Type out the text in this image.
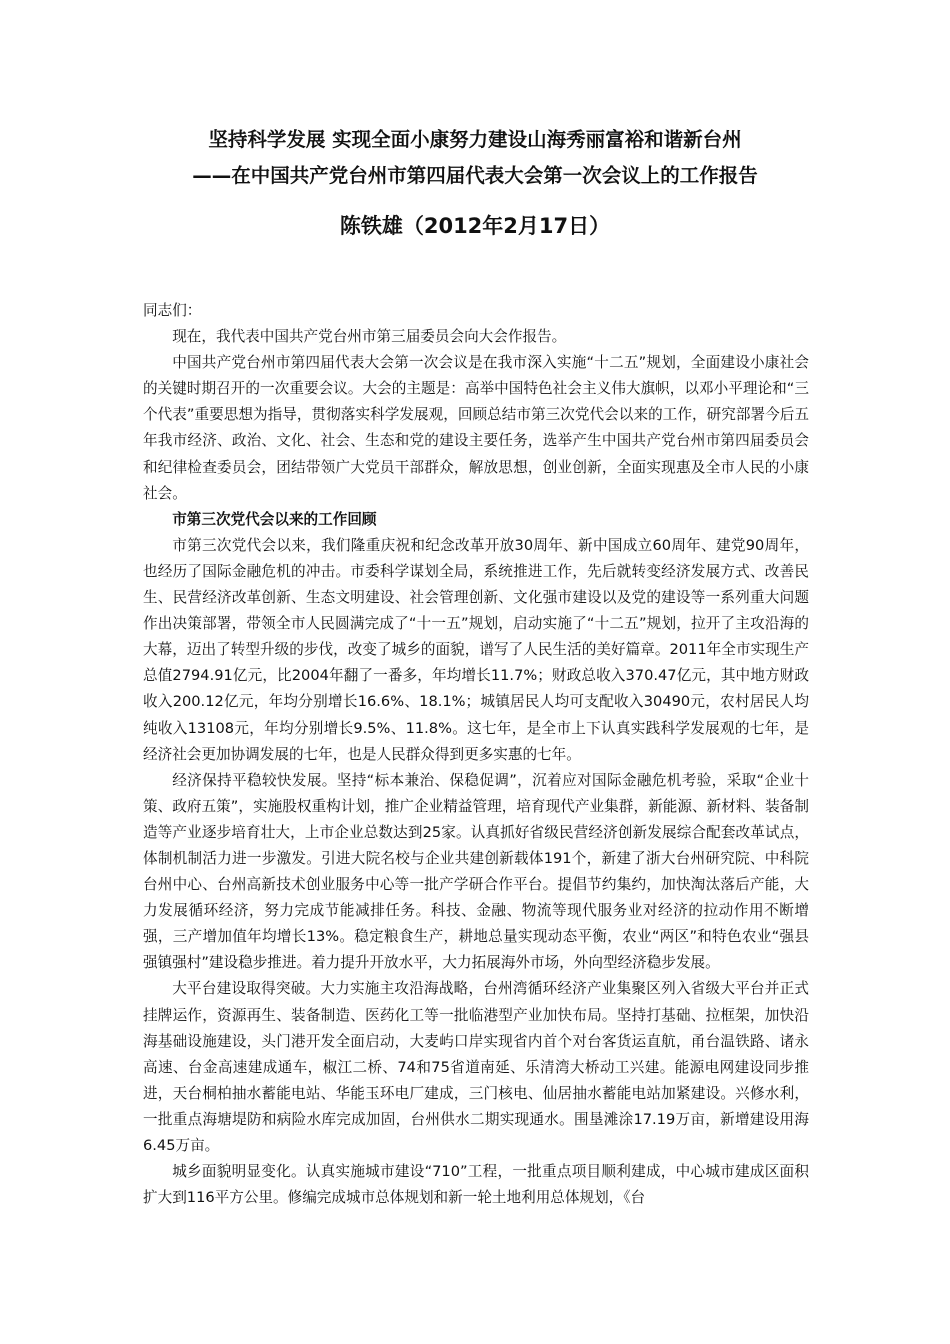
坚持科学发展 实现全面小康努力建设山海秀丽富裕和谐新台州
——在中国共产党台州市第四届代表大会第一次会议上的工作报告
陈铁雄（2012年2月17日）

同志们：

现在，我代表中国共产党台州市第三届委员会向大会作报告。

中国共产党台州市第四届代表大会第一次会议是在我市深入实施“十二五”规划，全面建设小康社会的关键时期召开的一次重要会议。大会的主题是：高举中国特色社会主义伟大旗帜，以邓小平理论和“三个代表”重要思想为指导，贯彻落实科学发展观，回顾总结市第三次党代会以来的工作，研究部署今后五年我市经济、政治、文化、社会、生态和党的建设主要任务，选举产生中国共产党台州市第四届委员会和纪律检查委员会，团结带领广大党员干部群众，解放思想，创业创新，全面实现惠及全市人民的小康社会。

市第三次党代会以来的工作回顾

市第三次党代会以来，我们隆重庆祝和纪念改革开放30周年、新中国成立60周年、建党90周年，也经历了国际金融危机的冲击。市委科学谋划全局，系统推进工作，先后就转变经济发展方式、改善民生、民营经济改革创新、生态文明建设、社会管理创新、文化强市建设以及党的建设等一系列重大问题作出决策部署，带领全市人民圆满完成了“十一五”规划，启动实施了“十二五”规划，拉开了主攻沿海的大幕，迈出了转型升级的步伐，改变了城乡的面貌，谱写了人民生活的美好篇章。2011年全市实现生产总值2794.91亿元，比2004年翻了一番多，年均增长11.7%；财政总收入370.47亿元，其中地方财政收入200.12亿元，年均分别增长16.6%、18.1%；城镇居民人均可支配收入30490元，农村居民人均纯收入13108元，年均分别增长9.5%、11.8%。这七年，是全市上下认真实践科学发展观的七年，是经济社会更加协调发展的七年，也是人民群众得到更多实惠的七年。

经济保持平稳较快发展。坚持“标本兼治、保稳促调”，沉着应对国际金融危机考验，采取“企业十策、政府五策”，实施股权重构计划，推广企业精益管理，培育现代产业集群，新能源、新材料、装备制造等产业逐步培育壮大，上市企业总数达到25家。认真抓好省级民营经济创新发展综合配套改革试点，体制机制活力进一步激发。引进大院名校与企业共建创新载体191个，新建了浙大台州研究院、中科院台州中心、台州高新技术创业服务中心等一批产学研合作平台。提倡节约集约，加快淘汰落后产能，大力发展循环经济，努力完成节能减排任务。科技、金融、物流等现代服务业对经济的拉动作用不断增强，三产增加值年均增长13%。稳定粮食生产，耕地总量实现动态平衡，农业“两区”和特色农业“强县强镇强村”建设稳步推进。着力提升开放水平，大力拓展海外市场，外向型经济稳步发展。

大平台建设取得突破。大力实施主攻沿海战略，台州湾循环经济产业集聚区列入省级大平台并正式挂牌运作，资源再生、装备制造、医药化工等一批临港型产业加快布局。坚持打基础、拉框架，加快沿海基础设施建设，头门港开发全面启动，大麦屿口岸实现省内首个对台客货运直航，甬台温铁路、诸永高速、台金高速建成通车，椒江二桥、74和75省道南延、乐清湾大桥动工兴建。能源电网建设同步推进，天台桐柏抽水蓄能电站、华能玉环电厂建成，三门核电、仙居抽水蓄能电站加紧建设。兴修水利，一批重点海塘堤防和病险水库完成加固，台州供水二期实现通水。围垦滩涂17.19万亩，新增建设用海6.45万亩。

城乡面貌明显变化。认真实施城市建设“710”工程，一批重点项目顺利建成，中心城市建成区面积扩大到116平方公里。修编完成城市总体规划和新一轮土地利用总体规划，《台
